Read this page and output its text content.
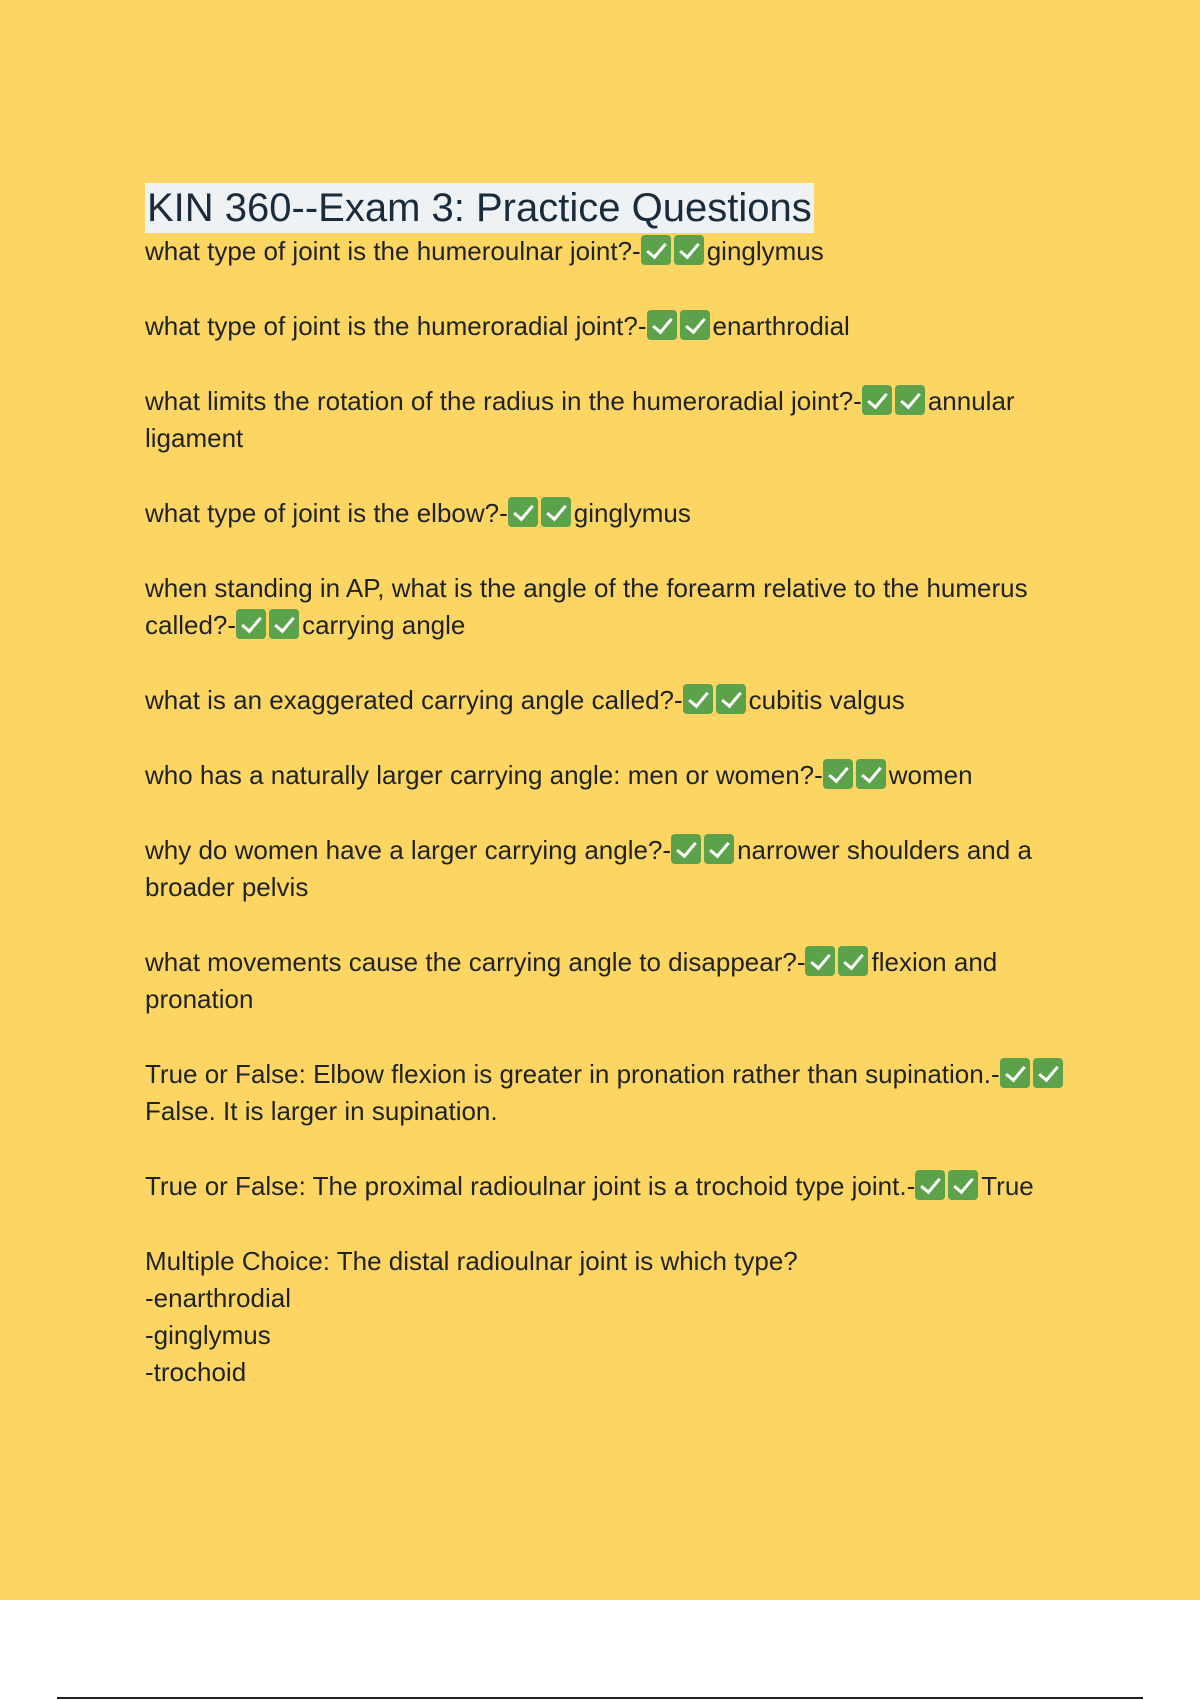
KIN 360--Exam 3: Practice Questions

what type of joint is the humeroulnar joint?-	ginglymus

what type of joint is the humeroradial joint?-	enarthrodial

what limits the rotation of the radius in the humeroradial joint?-	annular ligament

what type of joint is the elbow?-	ginglymus

when standing in AP, what is the angle of the forearm relative to the humerus called?-	carrying angle

what is an exaggerated carrying angle called?-	cubitis valgus

who has a naturally larger carrying angle: men or women?-	women

why do women have a larger carrying angle?-	narrower shoulders and a broader pelvis

what movements cause the carrying angle to disappear?-	flexion and pronation

True or False: Elbow flexion is greater in pronation rather than supination.-False. It is larger in supination.

True or False: The proximal radioulnar joint is a trochoid type joint.-	True

Multiple Choice: The distal radioulnar joint is which type?
-enarthrodial
-ginglymus
-trochoid
